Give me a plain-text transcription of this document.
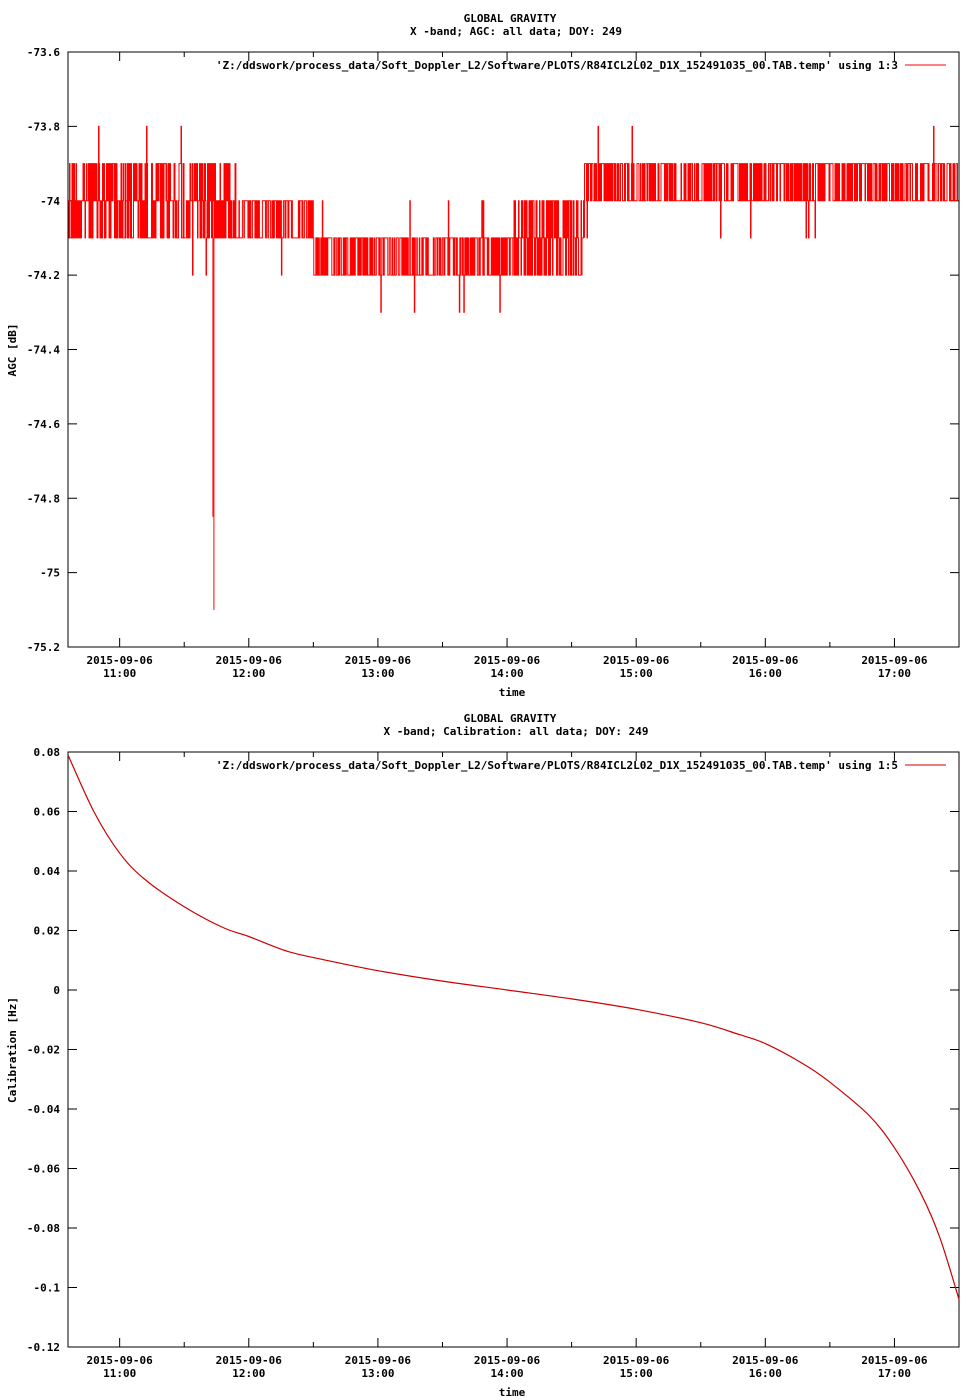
GLOBAL GRAVITY
X -band; AGC: all data; DOY: 249
AGC [dB]
time
'Z:/ddswork/process_data/Soft_Doppler_L2/Software/PLOTS/R84ICL2L02_D1X_152491035_00.TAB.temp' using 1:3
-73.6
-73.8
-74
-74.2
-74.4
-74.6
-74.8
-75
-75.2
2015-09-06
11:00
2015-09-06
12:00
2015-09-06
13:00
2015-09-06
14:00
2015-09-06
15:00
2015-09-06
16:00
2015-09-06
17:00
GLOBAL GRAVITY
X -band; Calibration: all data; DOY: 249
Calibration [Hz]
time
'Z:/ddswork/process_data/Soft_Doppler_L2/Software/PLOTS/R84ICL2L02_D1X_152491035_00.TAB.temp' using 1:5
0.08
0.06
0.04
0.02
0
-0.02
-0.04
-0.06
-0.08
-0.1
-0.12
2015-09-06
11:00
2015-09-06
12:00
2015-09-06
13:00
2015-09-06
14:00
2015-09-06
15:00
2015-09-06
16:00
2015-09-06
17:00
